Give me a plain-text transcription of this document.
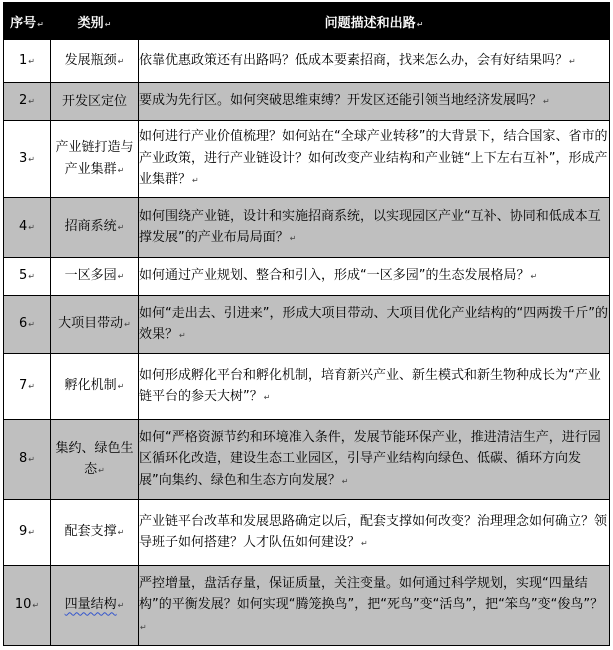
序号↵	类别↵	问题描述和出路↵
1↵	发展瓶颈↵	依靠优惠政策还有出路吗？低成本要素招商，找来怎么办，会有好结果吗？↵
2↵	开发区定位	要成为先行区。如何突破思维束缚？开发区还能引领当地经济发展吗？↵
3↵	产业链打造与产业集群↵	如何进行产业价值梳理？如何站在“全球产业转移”的大背景下，结合国家、省市的产业政策，进行产业链设计？如何改变产业结构和产业链“上下左右互补”，形成产业集群？↵
4↵	招商系统↵	如何围绕产业链，设计和实施招商系统，以实现园区产业“互补、协同和低成本互撑发展”的产业布局局面？↵
5↵	一区多园↵	如何通过产业规划、整合和引入，形成“一区多园”的生态发展格局？↵
6↵	大项目带动↵	如何“走出去、引进来”，形成大项目带动、大项目优化产业结构的“四两拨千斤”的效果？↵
7↵	孵化机制↵	如何形成孵化平台和孵化机制，培育新兴产业、新生模式和新生物种成长为“产业链平台的参天大树”？↵
8↵	集约、绿色生态↵	如何“严格资源节约和环境准入条件，发展节能环保产业，推进清洁生产，进行园区循环化改造，建设生态工业园区，引导产业结构向绿色、低碳、循环方向发展”向集约、绿色和生态方向发展？↵
9↵	配套支撑↵	产业链平台改革和发展思路确定以后，配套支撑如何改变？治理理念如何确立？领导班子如何搭建？人才队伍如何建设？↵
10↵	四量结构↵	严控增量，盘活存量，保证质量，关注变量。如何通过科学规划，实现“四量结构”的平衡发展？如何实现“腾笼换鸟”，把“死鸟”变“活鸟”，把“笨鸟”变“俊鸟”？↵
